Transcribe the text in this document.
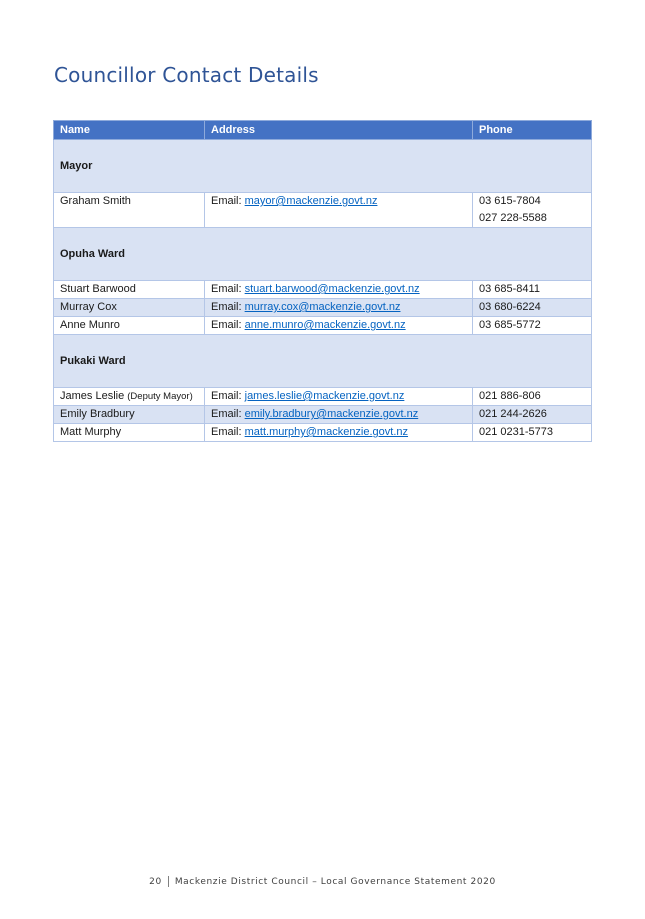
Councillor Contact Details
Name	Address	Phone
Mayor		
Graham Smith	Email: mayor@mackenzie.govt.nz	03 615-7804
027 228-5588

Opuha Ward		
Stuart Barwood	Email: stuart.barwood@mackenzie.govt.nz	03 685-8411

Murray Cox	Email: murray.cox@mackenzie.govt.nz	03 680-6224

Anne Munro	Email: anne.munro@mackenzie.govt.nz	03 685-5772

Pukaki Ward		
James Leslie (Deputy Mayor)	Email: james.leslie@mackenzie.govt.nz	021 886-806

Emily Bradbury	Email: emily.bradbury@mackenzie.govt.nz	021 244-2626

Matt Murphy	Email: matt.murphy@mackenzie.govt.nz	021 0231-5773
20 Mackenzie District Council – Local Governance Statement 2020
